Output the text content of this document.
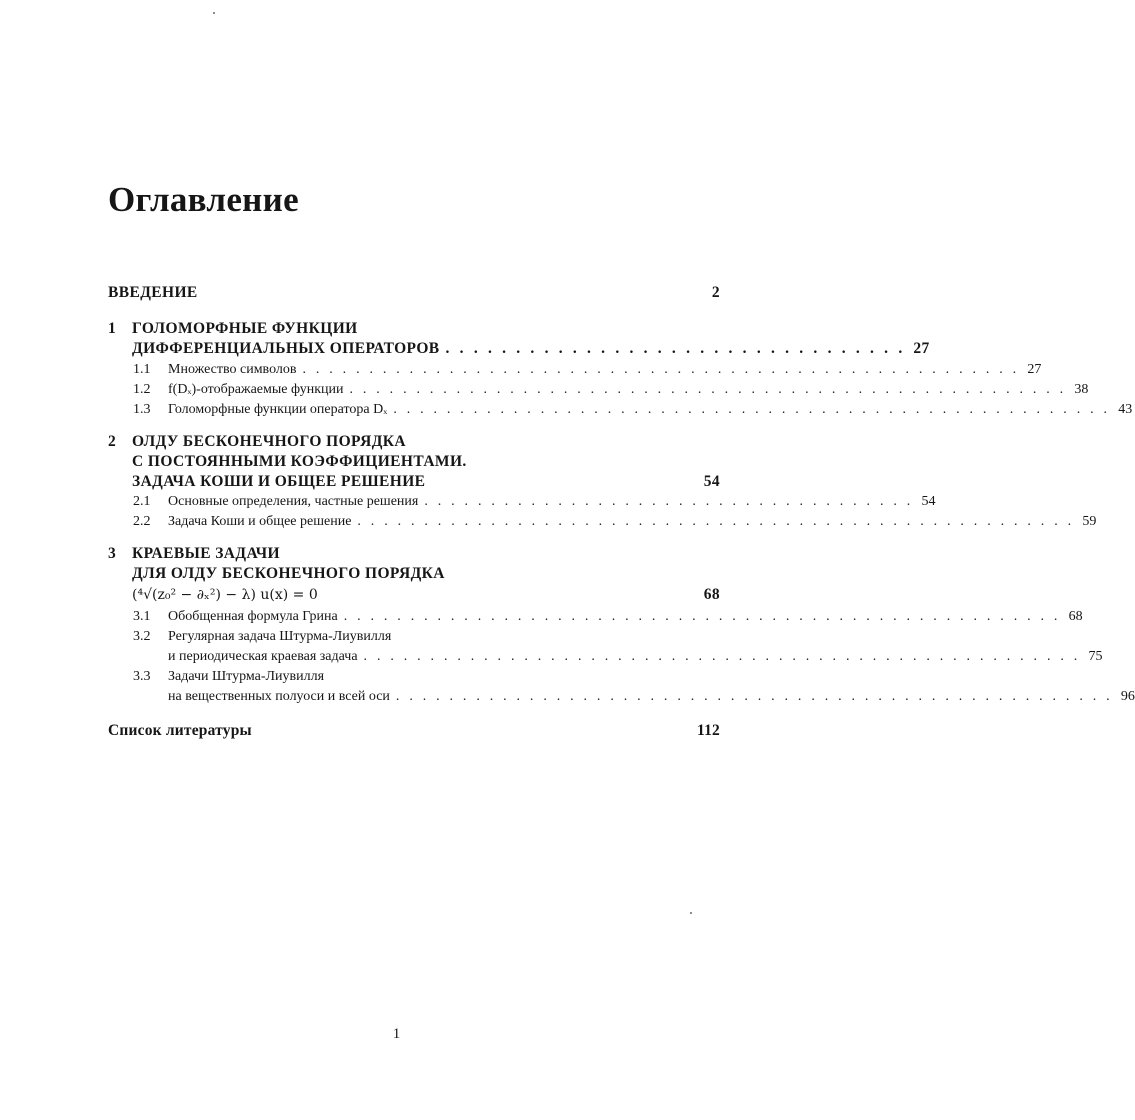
Оглавление
ВВЕДЕНИЕ	2
1	ГОЛОМОРФНЫЕ ФУНКЦИИ
ДИФФЕРЕНЦИАЛЬНЫХ ОПЕРАТОРОВ . . . . . . . . . . . . . . . . . . . . . . . . . . . . . . . . . 27
1.1 Множество символов . . . . . . . . . . . . . . . . . . . . . . . . . . . . . . . . . . . . . . . . . . . . . . . . . . . . . . 27
1.2 f(Dₓ)-отображаемые функции . . . . . . . . . . . . . . . . . . . . . . . . . . . . . . . . . . . . . . . . . . . . . . . . . . . . . . 38
1.3 Голоморфные функции оператора Dₓ . . . . . . . . . . . . . . . . . . . . . . . . . . . . . . . . . . . . . . . . . . . . . . . . . . . . . . 43
2	ОЛДУ БЕСКОНЕЧНОГО ПОРЯДКА
С ПОСТОЯННЫМИ КОЭФФИЦИЕНТАМИ.
ЗАДАЧА КОШИ И ОБЩЕЕ РЕШЕНИЕ	54
2.1 Основные определения, частные решения . . . . . . . . . . . . . . . . . . . . . . . . . . . . . . . . . . . . . 54
2.2 Задача Коши и общее решение . . . . . . . . . . . . . . . . . . . . . . . . . . . . . . . . . . . . . . . . . . . . . . . . . . . . . . 59
3	КРАЕВЫЕ ЗАДАЧИ
ДЛЯ ОЛДУ БЕСКОНЕЧНОГО ПОРЯДКА
(⁴√(z₀² − ∂ₓ²) − λ) u(x) = 0	68
3.1 Обобщенная формула Грина . . . . . . . . . . . . . . . . . . . . . . . . . . . . . . . . . . . . . . . . . . . . . . . . . . . . . . 68
3.2 Регулярная задача Штурма-Лиувилля
и периодическая краевая задача . . . . . . . . . . . . . . . . . . . . . . . . . . . . . . . . . . . . . . . . . . . . . . . . . . . . . . 75
3.3 Задачи Штурма-Лиувилля
на вещественных полуоси и всей оси . . . . . . . . . . . . . . . . . . . . . . . . . . . . . . . . . . . . . . . . . . . . . . . . . . . . . . 96
Список литературы	112
1
